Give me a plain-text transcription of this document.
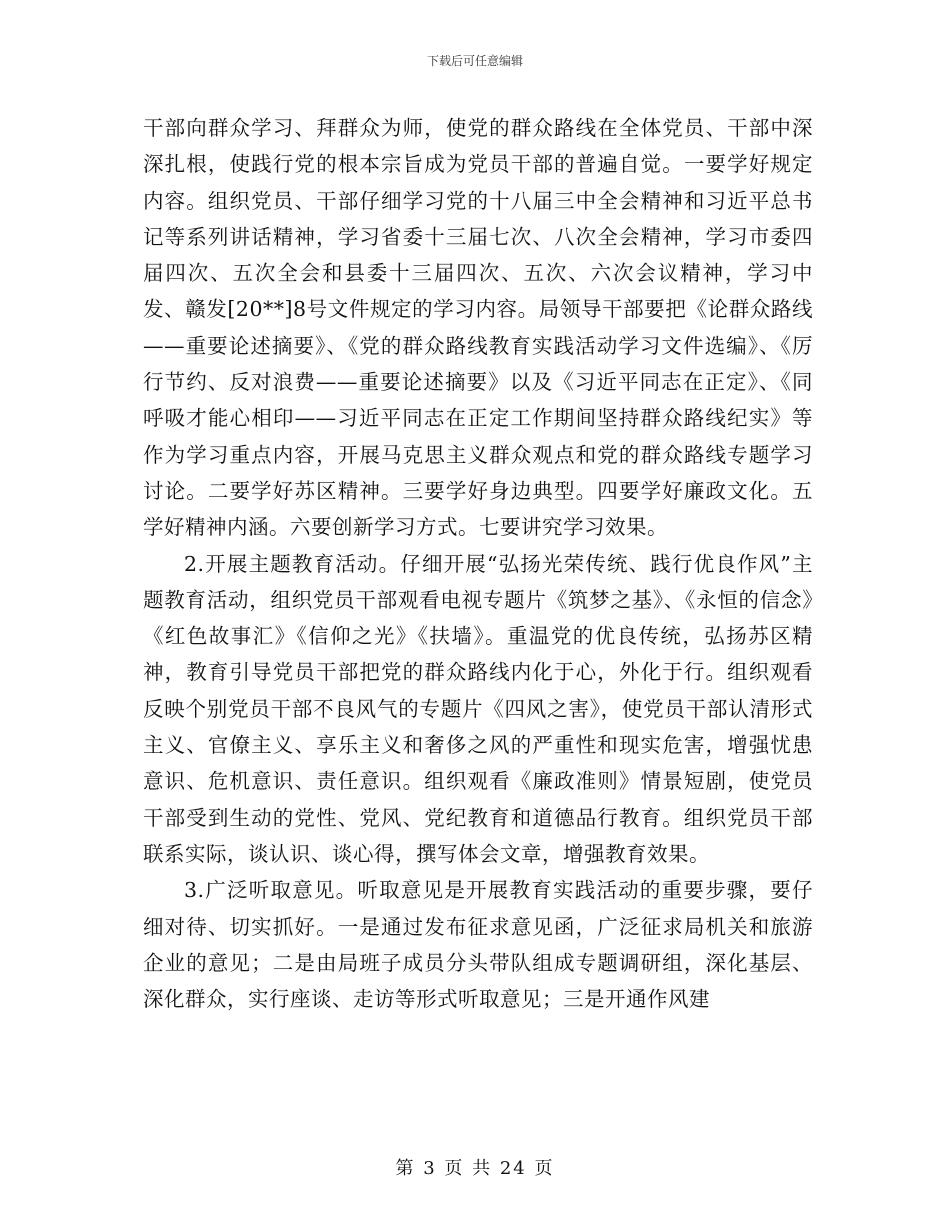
下载后可任意编辑

干部向群众学习、拜群众为师，使党的群众路线在全体党员、干部中深深扎根，使践行党的根本宗旨成为党员干部的普遍自觉。一要学好规定内容。组织党员、干部仔细学习党的十八届三中全会精神和习近平总书记等系列讲话精神，学习省委十三届七次、八次全会精神，学习市委四届四次、五次全会和县委十三届四次、五次、六次会议精神，学习中发、赣发[20**]8号文件规定的学习内容。局领导干部要把《论群众路线——重要论述摘要》、《党的群众路线教育实践活动学习文件选编》、《厉行节约、反对浪费——重要论述摘要》以及《习近平同志在正定》、《同呼吸才能心相印——习近平同志在正定工作期间坚持群众路线纪实》等作为学习重点内容，开展马克思主义群众观点和党的群众路线专题学习讨论。二要学好苏区精神。三要学好身边典型。四要学好廉政文化。五学好精神内涵。六要创新学习方式。七要讲究学习效果。

2.开展主题教育活动。仔细开展“弘扬光荣传统、践行优良作风”主题教育活动，组织党员干部观看电视专题片《筑梦之基》、《永恒的信念》《红色故事汇》《信仰之光》《扶墙》。重温党的优良传统，弘扬苏区精神，教育引导党员干部把党的群众路线内化于心，外化于行。组织观看反映个别党员干部不良风气的专题片《四风之害》，使党员干部认清形式主义、官僚主义、享乐主义和奢侈之风的严重性和现实危害，增强忧患意识、危机意识、责任意识。组织观看《廉政准则》情景短剧，使党员干部受到生动的党性、党风、党纪教育和道德品行教育。组织党员干部联系实际，谈认识、谈心得，撰写体会文章，增强教育效果。

3.广泛听取意见。听取意见是开展教育实践活动的重要步骤，要仔细对待、切实抓好。一是通过发布征求意见函，广泛征求局机关和旅游企业的意见；二是由局班子成员分头带队组成专题调研组，深化基层、深化群众，实行座谈、走访等形式听取意见；三是开通作风建

第 3 页 共 24 页
